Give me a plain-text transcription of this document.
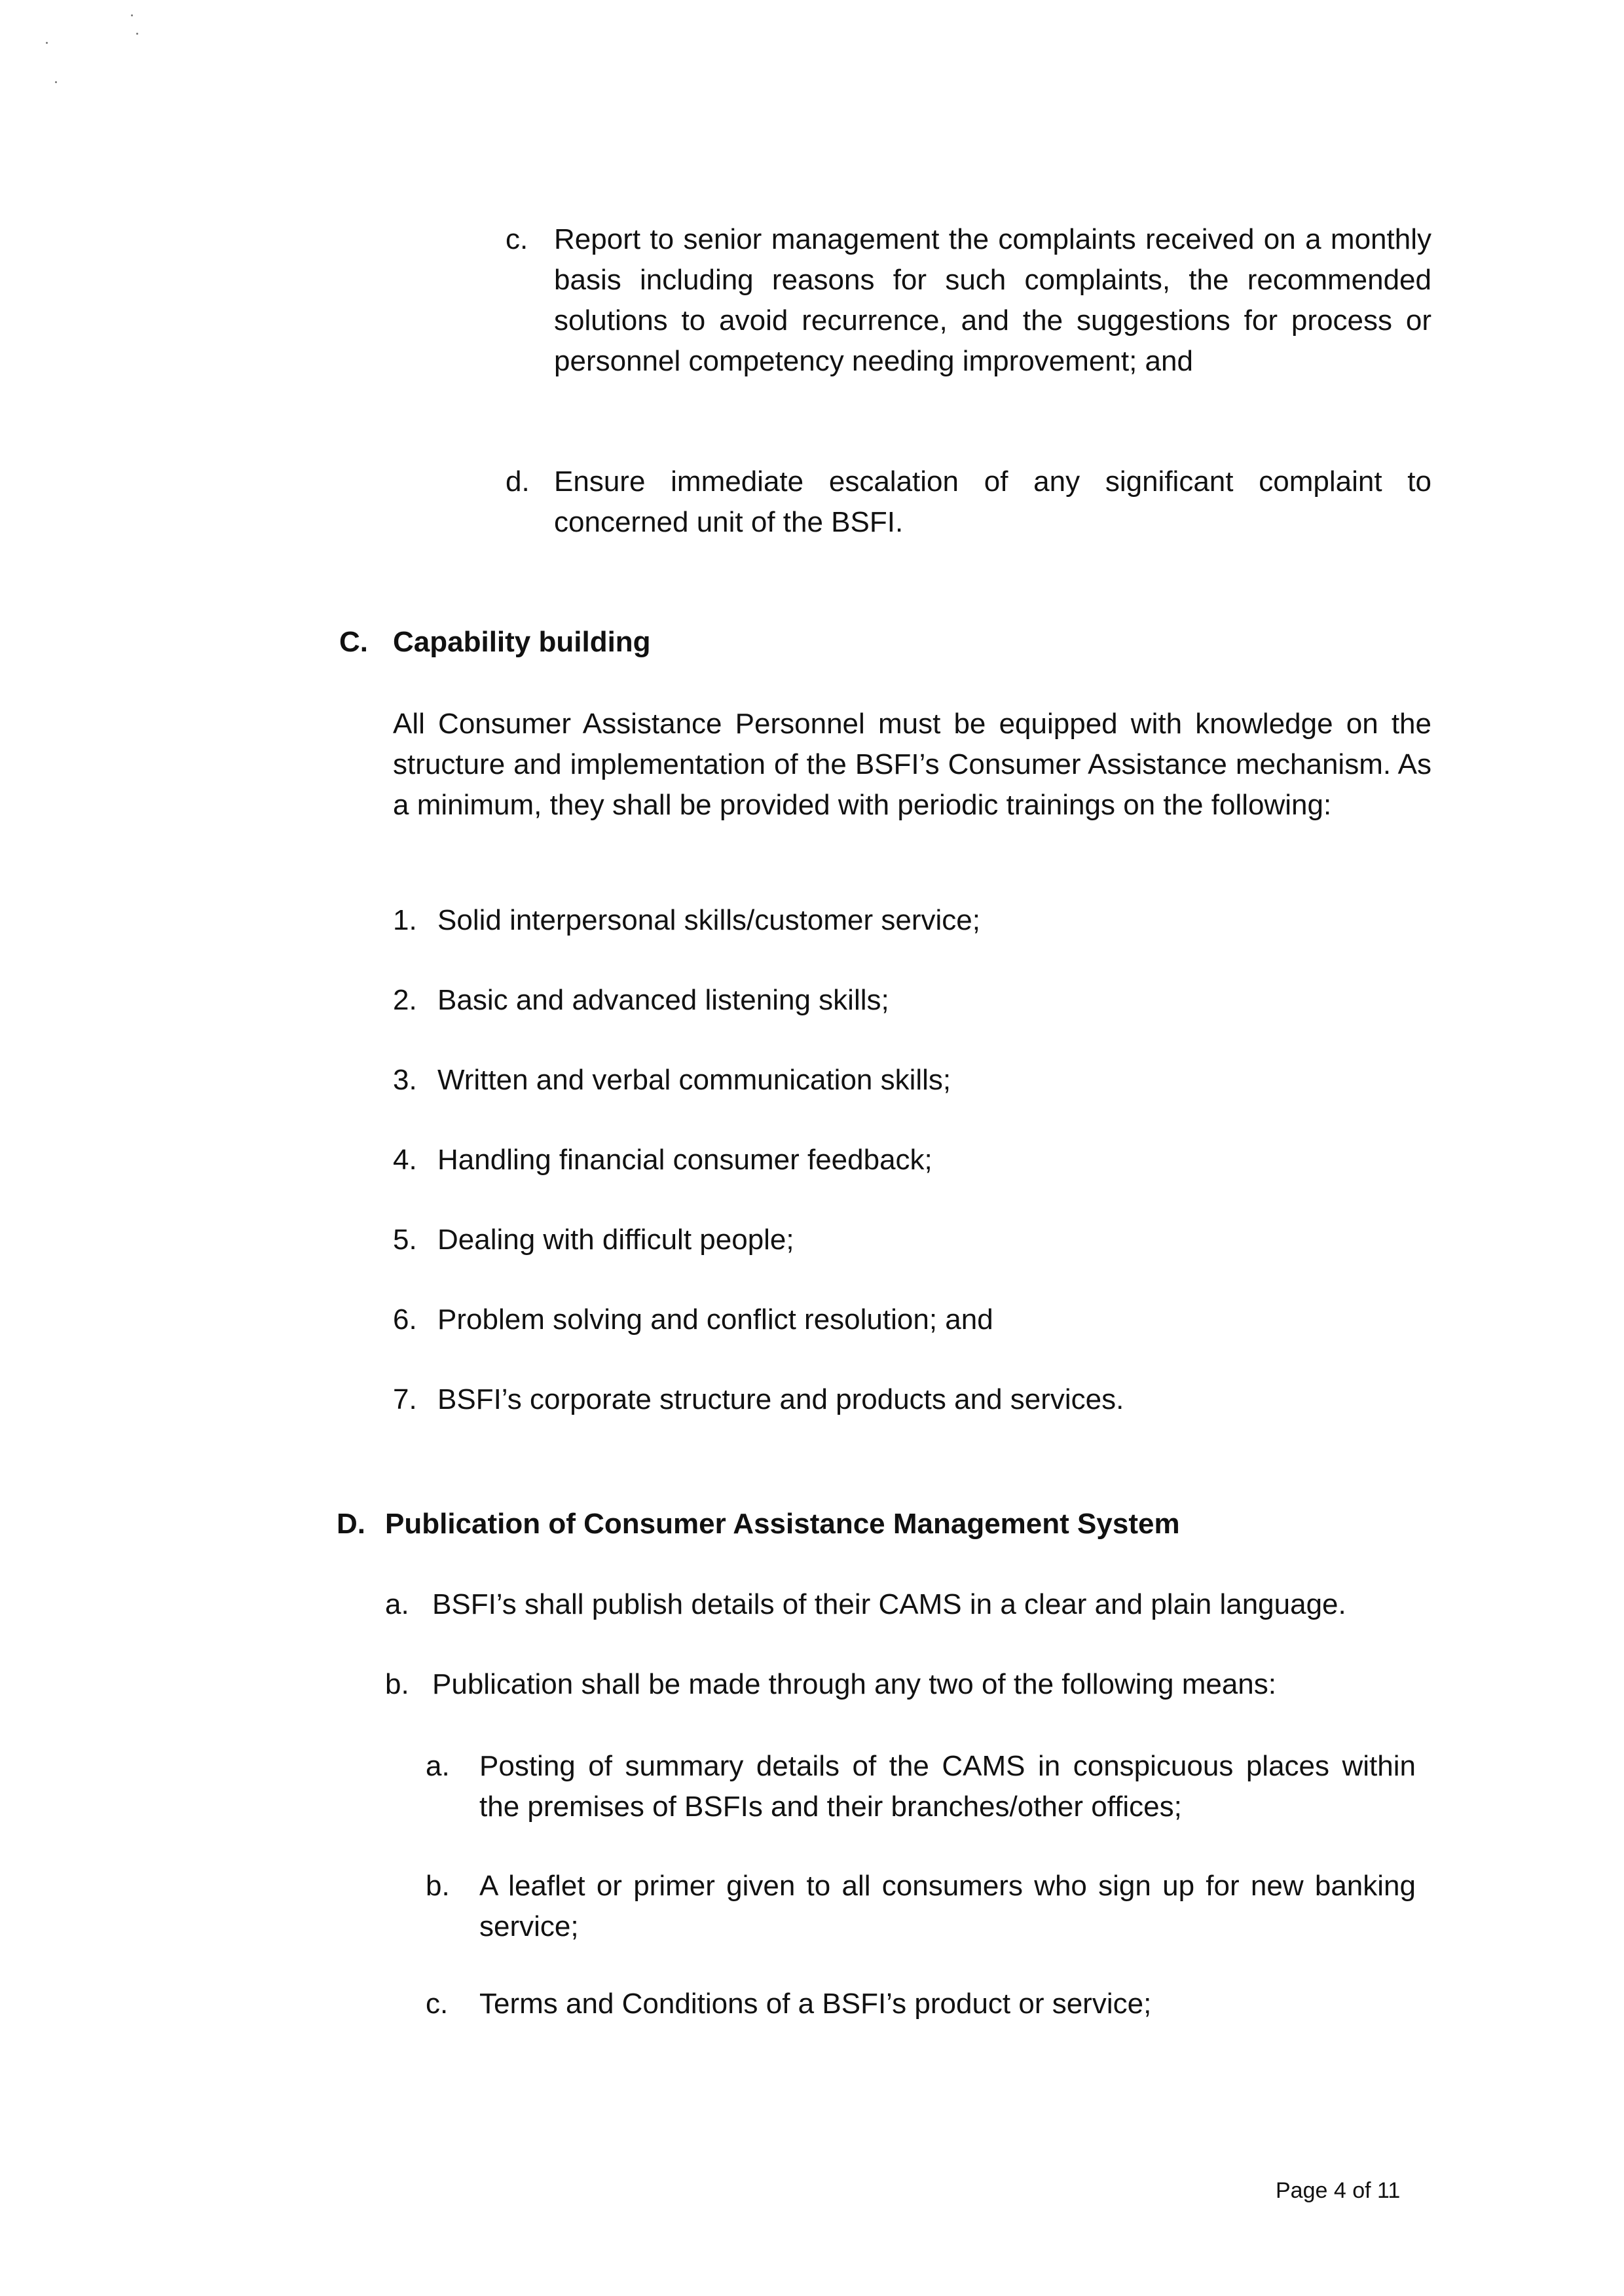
c. Report to senior management the complaints received on a monthly basis including reasons for such complaints, the recommended solutions to avoid recurrence, and the suggestions for process or personnel competency needing improvement; and

d. Ensure immediate escalation of any significant complaint to concerned unit of the BSFI.

C. Capability building

All Consumer Assistance Personnel must be equipped with knowledge on the structure and implementation of the BSFI’s Consumer Assistance mechanism. As a minimum, they shall be provided with periodic trainings on the following:

1. Solid interpersonal skills/customer service;

2. Basic and advanced listening skills;

3. Written and verbal communication skills;

4. Handling financial consumer feedback;

5. Dealing with difficult people;

6. Problem solving and conflict resolution; and

7. BSFI’s corporate structure and products and services.

D. Publication of Consumer Assistance Management System

a. BSFI’s shall publish details of their CAMS in a clear and plain language.

b. Publication shall be made through any two of the following means:

a. Posting of summary details of the CAMS in conspicuous places within the premises of BSFIs and their branches/other offices;

b. A leaflet or primer given to all consumers who sign up for new banking service;

c. Terms and Conditions of a BSFI’s product or service;

Page 4 of 11
